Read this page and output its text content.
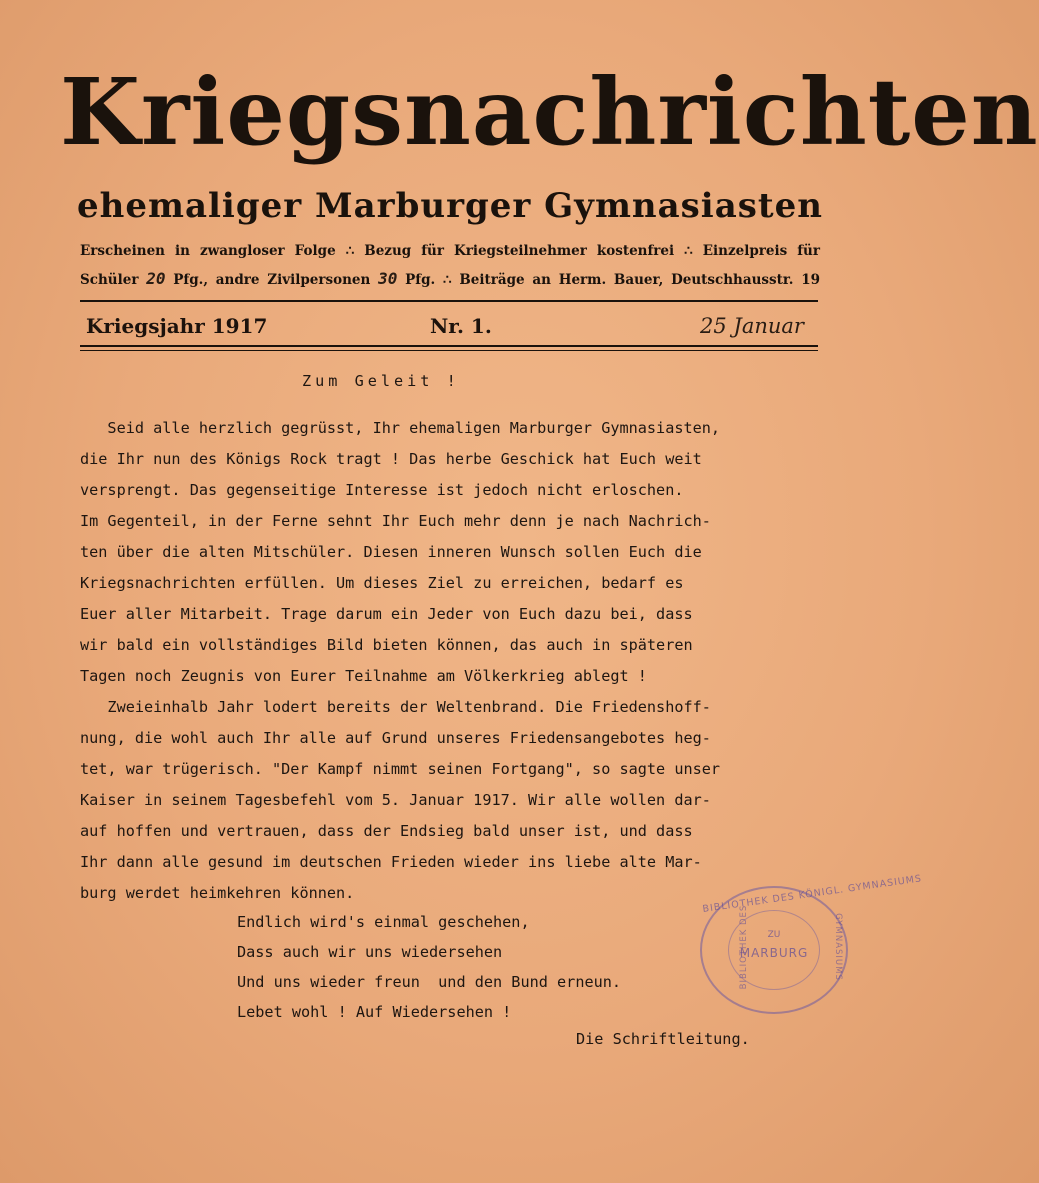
Kriegsnachrichten
ehemaliger Marburger Gymnasiasten
Erscheinen in zwangloser Folge ∴ Bezug für Kriegsteilnehmer kostenfrei ∴ Einzelpreis für
Schüler 20 Pfg., andre Zivilpersonen 30 Pfg. ∴ Beiträge an Herm. Bauer, Deutschhausstr. 19
Kriegsjahr 1917	Nr. 1.	25 Januar
Zum Geleit !
Seid alle herzlich gegrüsst, Ihr ehemaligen Marburger Gymnasiasten,
die Ihr nun des Königs Rock tragt ! Das herbe Geschick hat Euch weit
versprengt. Das gegenseitige Interesse ist jedoch nicht erloschen.
Im Gegenteil, in der Ferne sehnt Ihr Euch mehr denn je nach Nachrich-
ten über die alten Mitschüler. Diesen inneren Wunsch sollen Euch die
Kriegsnachrichten erfüllen. Um dieses Ziel zu erreichen, bedarf es
Euer aller Mitarbeit. Trage darum ein Jeder von Euch dazu bei, dass
wir bald ein vollständiges Bild bieten können, das auch in späteren
Tagen noch Zeugnis von Eurer Teilnahme am Völkerkrieg ablegt !
Zweieinhalb Jahr lodert bereits der Weltenbrand. Die Friedenshoff-
nung, die wohl auch Ihr alle auf Grund unseres Friedensangebotes heg-
tet, war trügerisch. "Der Kampf nimmt seinen Fortgang", so sagte unser
Kaiser in seinem Tagesbefehl vom 5. Januar 1917. Wir alle wollen dar-
auf hoffen und vertrauen, dass der Endsieg bald unser ist, und dass
Ihr dann alle gesund im deutschen Frieden wieder ins liebe alte Mar-
burg werdet heimkehren können.
Endlich wird's einmal geschehen,
Dass auch wir uns wiedersehen
Und uns wieder freun  und den Bund erneun.
Lebet wohl ! Auf Wiedersehen !
Die Schriftleitung.
BIBLIOTHEK DES KÖNIGL. GYMNASIUMS
BIBLIOTHEK DES	GYMNASIUMS
ZU
MARBURG
